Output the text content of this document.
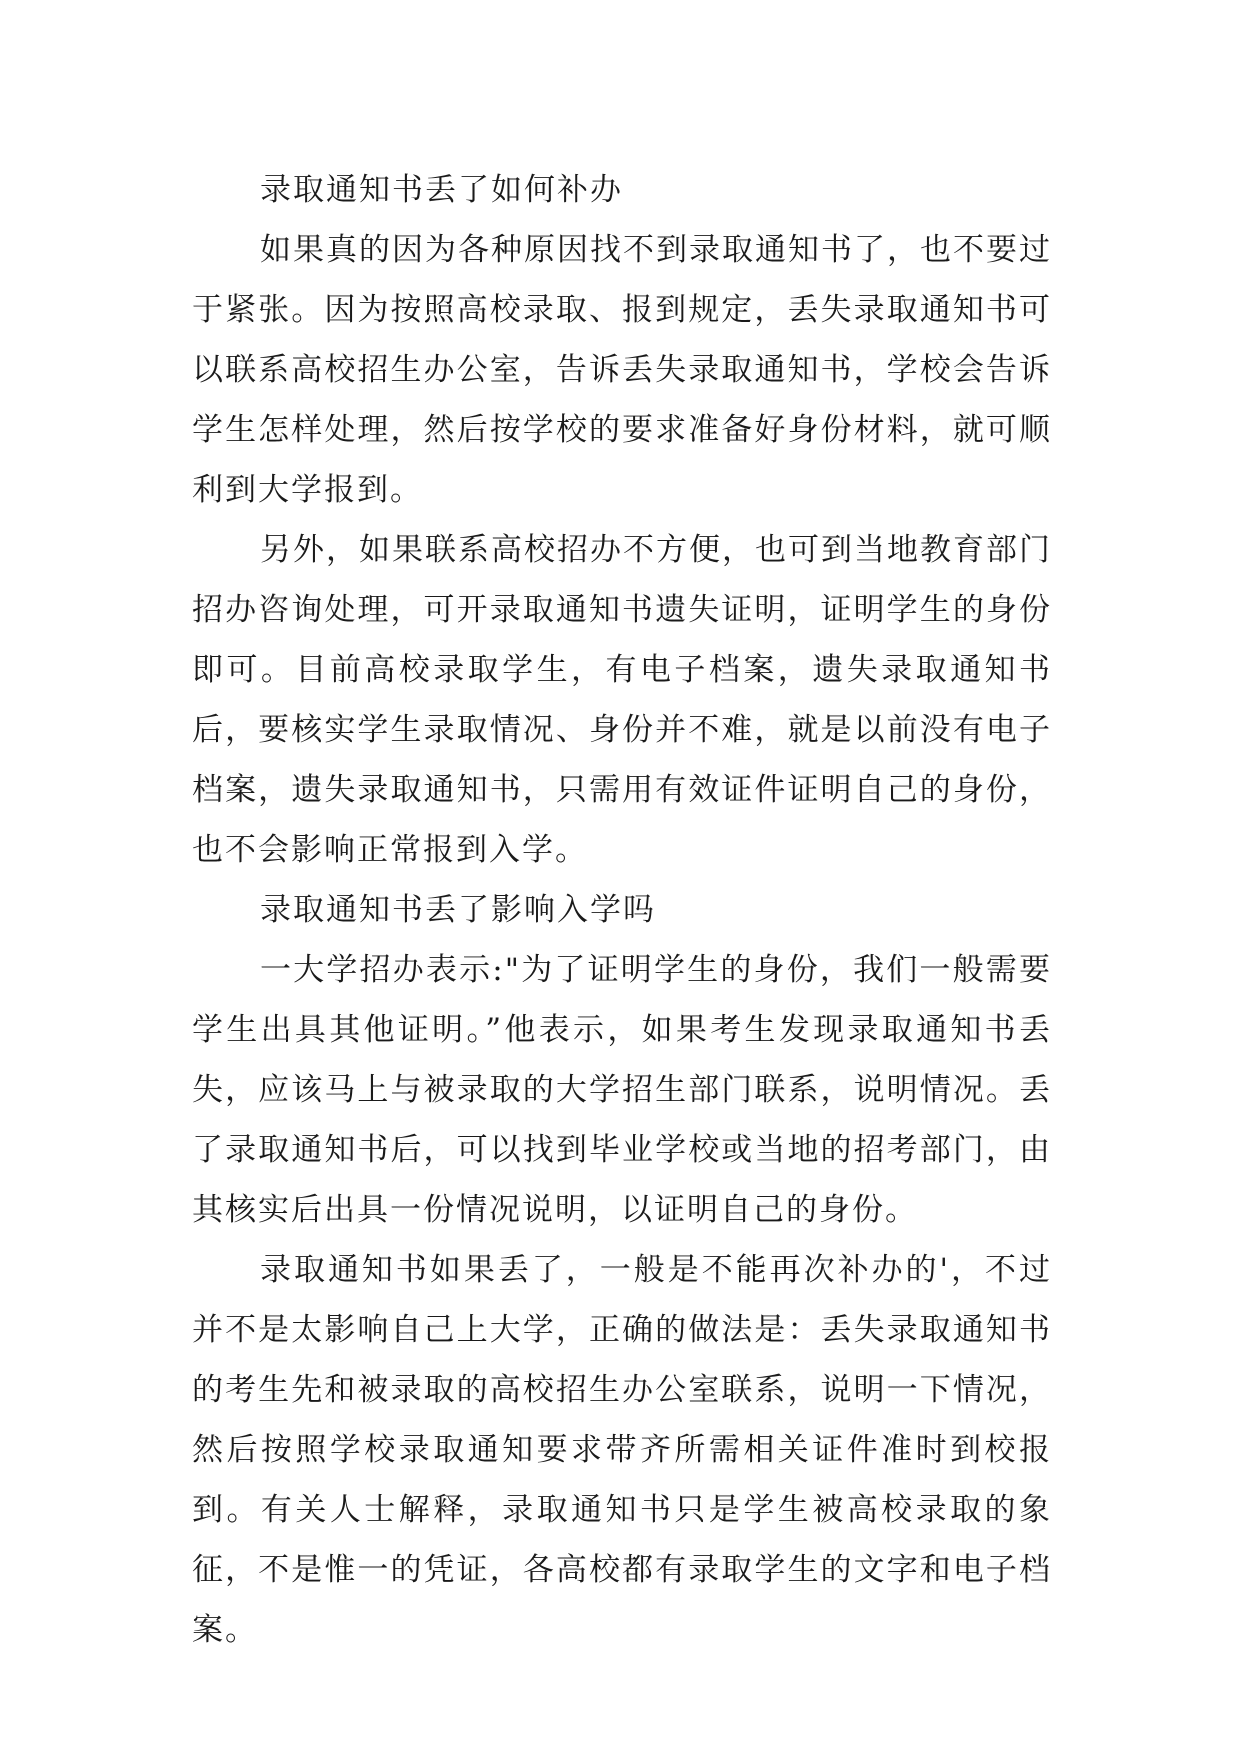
录取通知书丢了如何补办

如果真的因为各种原因找不到录取通知书了，也不要过于紧张。因为按照高校录取、报到规定，丢失录取通知书可以联系高校招生办公室，告诉丢失录取通知书，学校会告诉学生怎样处理，然后按学校的要求准备好身份材料，就可顺利到大学报到。

另外，如果联系高校招办不方便，也可到当地教育部门招办咨询处理，可开录取通知书遗失证明，证明学生的身份即可。目前高校录取学生，有电子档案，遗失录取通知书后，要核实学生录取情况、身份并不难，就是以前没有电子档案，遗失录取通知书，只需用有效证件证明自己的身份，也不会影响正常报到入学。

录取通知书丢了影响入学吗

一大学招办表示:"为了证明学生的身份，我们一般需要学生出具其他证明。”他表示，如果考生发现录取通知书丢失，应该马上与被录取的大学招生部门联系，说明情况。丢了录取通知书后，可以找到毕业学校或当地的招考部门，由其核实后出具一份情况说明，以证明自己的身份。

录取通知书如果丢了，一般是不能再次补办的'，不过并不是太影响自己上大学，正确的做法是：丢失录取通知书的考生先和被录取的高校招生办公室联系，说明一下情况，然后按照学校录取通知要求带齐所需相关证件准时到校报到。有关人士解释，录取通知书只是学生被高校录取的象征，不是惟一的凭证，各高校都有录取学生的文字和电子档案。
